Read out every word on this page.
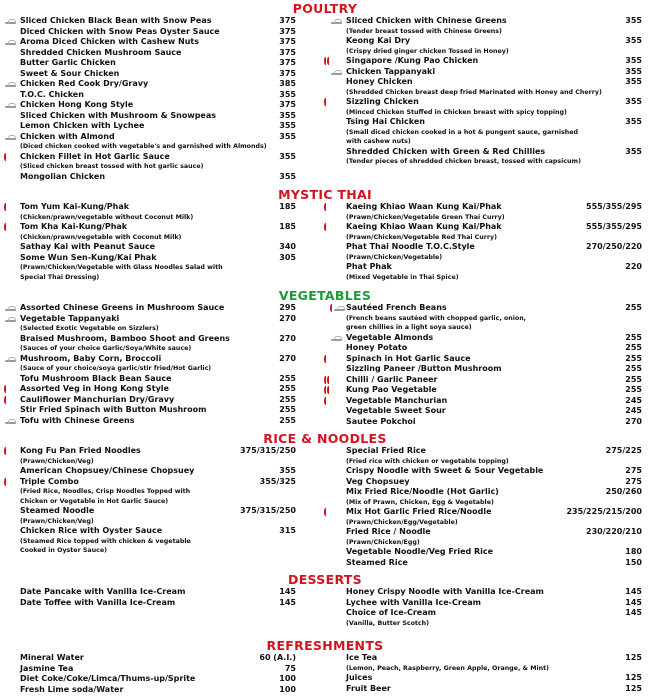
POULTRY
Sliced Chicken Black Bean with Snow Peas	375
Diced Chicken with Snow Peas Oyster Sauce	375
Aroma Diced Chicken with Cashew Nuts	375
Shredded Chicken Mushroom Sauce	375
Butter Garlic Chicken	375
Sweet & Sour Chicken	375
Chicken Red Cook Dry/Gravy	385
T.O.C. Chicken	355
Chicken Hong Kong Style	375
Sliced Chicken with Mushroom & Snowpeas	355
Lemon Chicken with Lychee	355
Chicken with Almond	355
(Diced chicken cooked with vegetable's and garnished with Almonds)
Chicken Fillet in Hot Garlic Sauce	355
(Sliced chicken breast tossed with hot garlic sauce)
Mongolian Chicken	355
Sliced Chicken with Chinese Greens	355
(Tender breast tossed with Chinese Greens)
Keong Kai Dry	355
(Crispy dried ginger chicken Tossed in Honey)
Singapore /Kung Pao Chicken	355
Chicken Tappanyaki	355
Honey Chicken	355
(Shredded Chicken breast deep fried Marinated with Honey and Cherry)
Sizzling Chicken	355
(Minced Chicken Stuffed in Chicken breast with spicy topping)
Tsing Hai Chicken	355
(Small diced chicken cooked in a hot & pungent sauce, garnished
with cashew nuts)
Shredded Chicken with Green & Red Chillies	355
(Tender pieces of shredded chicken breast, tossed with capsicum)
MYSTIC THAI
Tom Yum Kai-Kung/Phak	185
(Chicken/prawn/vegetable without Coconut Milk)
Tom Kha Kai-Kung/Phak	185
(Chicken/prawn/vegetable with Coconut Milk)
Sathay Kai with Peanut Sauce	340
Some Wun Sen-Kung/Kai Phak	305
(Prawn/Chicken/Vegetable with Glass Noodles Salad with
Special Thai Dressing)
Kaeing Khiao Waan Kung Kai/Phak	555/355/295
(Prawn/Chicken/Vegetable Green Thai Curry)
Kaeing Khiao Waan Kung Kai/Phak	555/355/295
(Prawn/Chicken/Vegetable Red Thai Curry)
Phat Thai Noodle T.O.C.Style	270/250/220
(Prawn/Chicken/Vegetable)
Phat Phak	220
(Mixed Vegetable in Thai Spice)
VEGETABLES
Assorted Chinese Greens in Mushroom Sauce	295
Vegetable Tappanyaki	270
(Selected Exotic Vegetable on Sizzlers)
Braised Mushroom, Bamboo Shoot and Greens	270
(Sauces of your choice Garlic/Soya/White sauce)
Mushroom, Baby Corn, Broccoli	270
(Sauce of your choice/soya garlic/stir fried/Hot Garlic)
Tofu Mushroom Black Bean Sauce	255
Assorted Veg in Hong Kong Style	255
Cauliflower Manchurian Dry/Gravy	255
Stir Fried Spinach with Button Mushroom	255
Tofu with Chinese Greens	255
Sautéed French Beans	255
(French beans sautéed with chopped garlic, onion,
green chillies in a light soya sauce)
Vegetable Almonds	255
Honey Potato	255
Spinach in Hot Garlic Sauce	255
Sizzling Paneer /Button Mushroom	255
Chilli / Garlic Paneer	255
Kung Pao Vegetable	255
Vegetable Manchurian	245
Vegetable Sweet Sour	245
Sautee Pokchoi	270
RICE & NOODLES
Kong Fu Pan Fried Noodles	375/315/250
(Prawn/Chicken/Veg)
American Chopsuey/Chinese Chopsuey	355
Triple Combo	355/325
(Fried Rice, Noodles, Crisp Noodles Topped with
Chicken or Vegetable in Hot Garlic Sauce)
Steamed Noodle	375/315/250
(Prawn/Chicken/Veg)
Chicken Rice with Oyster Sauce	315
(Steamed Rice topped with chicken & vegetable
Cooked in Oyster Sauce)
Special Fried Rice	275/225
(Fried rice with chicken or vegetable topping)
Crispy Noodle with Sweet & Sour Vegetable	275
Veg Chopsuey	275
Mix Fried Rice/Noodle (Hot Garlic)	250/260
(Mix of Prawn, Chicken, Egg & Vegetable)
Mix Hot Garlic Fried Rice/Noodle	235/225/215/200
(Prawn/Chicken/Egg/Vegetable)
Fried Rice / Noodle	230/220/210
(Prawn/Chicken/Egg)
Vegetable Noodle/Veg Fried Rice	180
Steamed Rice	150
DESSERTS
Date Pancake with Vanilla Ice-Cream	145
Date Toffee with Vanilla Ice-Cream	145
Honey Crispy Noodle with Vanilla Ice-Cream	145
Lychee with Vanilla Ice-Cream	145
Choice of Ice-Cream	145
(Vanilla, Butter Scotch)
REFRESHMENTS
Mineral Water	60 (A.I.)
Jasmine Tea	75
Diet Coke/Coke/Limca/Thums-up/Sprite	100
Fresh Lime soda/Water	100
Ice Tea	125
(Lemon, Peach, Raspberry, Green Apple, Orange, & Mint)
Juices	125
Fruit Beer	125
